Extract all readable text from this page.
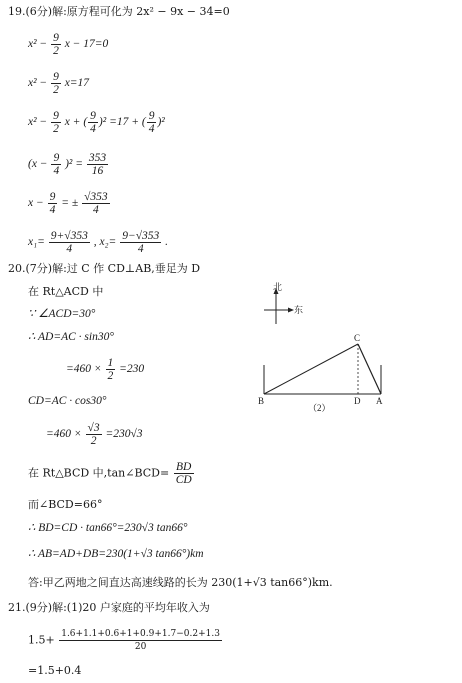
19.(6分)解:原方程可化为 2x² − 9x − 34=0
$x^2 - \frac{9}{2}$ x − 17=0
$x^2 - \frac{9}{2} x=17$
$x^2 - \frac{9}{2}$ x + ( $\frac{9}{4} )^2 =17$ + ( $\frac{9}{4} )^2$
$(x - \frac{9}{4} )^2 = \frac{353}{16}$
$x - \frac{9}{4}$ = ± $\frac{√353}{4}$
$x_1= \frac{9+√353}{4}$ , $x_2= \frac{9-√353}{4}$ .
20.(7分)解:过 C 作 CD⊥AB,垂足为 D
在 Rt△ACD 中
∵ ∠ACD=30°
∴ AD=AC · sin30°
$=460 \times \frac{1}{2} =230$
CD=AC · cos30°
$=460 \times \frac{√3}{2} =230√3$
在 Rt△BCD 中,tan∠BCD= $\frac{BD}{CD}$
而∠BCD=66°
∴ BD=CD · tan66°=230√3 tan66°
∴ AB=AD+DB=230(1+√3 tan66°)km
答:甲乙两地之间直达高速线路的长为 230(1+√3 tan66°)km.
北
东
C
B	D A
（2）
21.(9分)解:(1)20 户家庭的平均年收入为
$1.5+ \frac{1.6+1.1+0.6+1+0.9+1.7-0.2+1.3}{20}$
=1.5+0.4
